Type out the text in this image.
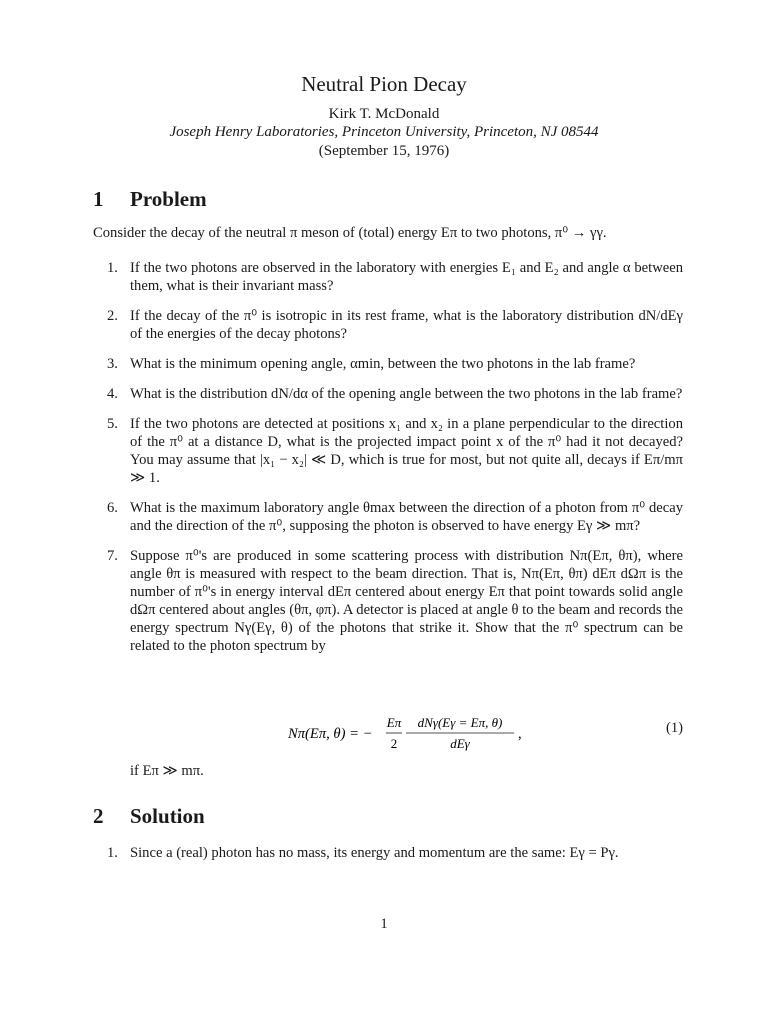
Neutral Pion Decay
Kirk T. McDonald
Joseph Henry Laboratories, Princeton University, Princeton, NJ 08544
(September 15, 1976)
1 Problem
Consider the decay of the neutral π meson of (total) energy Eπ to two photons, π⁰ → γγ.
1. If the two photons are observed in the laboratory with energies E₁ and E₂ and angle α between them, what is their invariant mass?
2. If the decay of the π⁰ is isotropic in its rest frame, what is the laboratory distribution dN/dEγ of the energies of the decay photons?
3. What is the minimum opening angle, αmin, between the two photons in the lab frame?
4. What is the distribution dN/dα of the opening angle between the two photons in the lab frame?
5. If the two photons are detected at positions x₁ and x₂ in a plane perpendicular to the direction of the π⁰ at a distance D, what is the projected impact point x of the π⁰ had it not decayed? You may assume that |x₁ − x₂| ≪ D, which is true for most, but not quite all, decays if Eπ/mπ ≫ 1.
6. What is the maximum laboratory angle θmax between the direction of a photon from π⁰ decay and the direction of the π⁰, supposing the photon is observed to have energy Eγ ≫ mπ?
7. Suppose π⁰'s are produced in some scattering process with distribution Nπ(Eπ, θπ), where angle θπ is measured with respect to the beam direction. That is, Nπ(Eπ, θπ) dEπ dΩπ is the number of π⁰'s in energy interval dEπ centered about energy Eπ that point towards solid angle dΩπ centered about angles (θπ, φπ). A detector is placed at angle θ to the beam and records the energy spectrum Nγ(Eγ, θ) of the photons that strike it. Show that the π⁰ spectrum can be related to the photon spectrum by
Nπ(Eπ, θ) = −
Eπ
2
dNγ(Eγ = Eπ, θ)
dEγ
,	(1)
if Eπ ≫ mπ.
2 Solution
1. Since a (real) photon has no mass, its energy and momentum are the same: Eγ = Pγ.
1
